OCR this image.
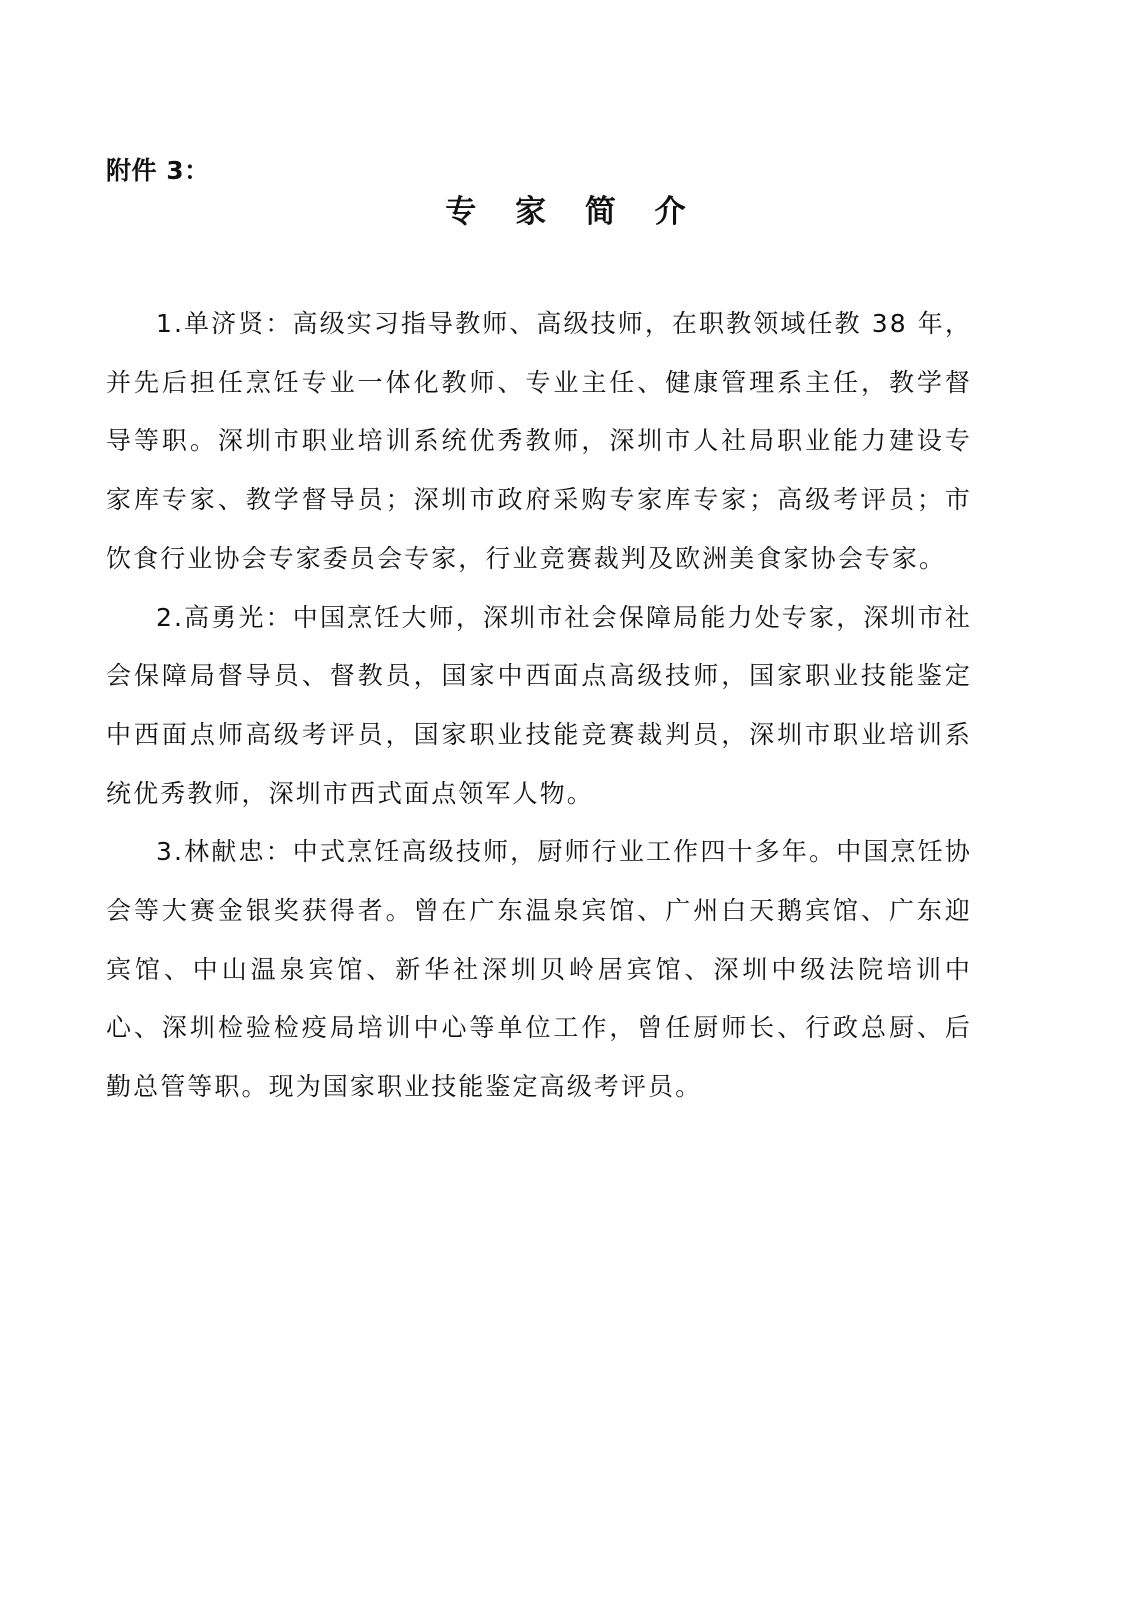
附件 3：
专 家 简 介

1.单济贤：高级实习指导教师、高级技师，在职教领域任教 38 年，并先后担任烹饪专业一体化教师、专业主任、健康管理系主任，教学督导等职。深圳市职业培训系统优秀教师，深圳市人社局职业能力建设专家库专家、教学督导员；深圳市政府采购专家库专家；高级考评员；市饮食行业协会专家委员会专家，行业竞赛裁判及欧洲美食家协会专家。

2.高勇光：中国烹饪大师，深圳市社会保障局能力处专家，深圳市社会保障局督导员、督教员，国家中西面点高级技师，国家职业技能鉴定中西面点师高级考评员，国家职业技能竞赛裁判员，深圳市职业培训系统优秀教师，深圳市西式面点领军人物。

3.林献忠：中式烹饪高级技师，厨师行业工作四十多年。中国烹饪协会等大赛金银奖获得者。曾在广东温泉宾馆、广州白天鹅宾馆、广东迎宾馆、中山温泉宾馆、新华社深圳贝岭居宾馆、深圳中级法院培训中心、深圳检验检疫局培训中心等单位工作，曾任厨师长、行政总厨、后勤总管等职。现为国家职业技能鉴定高级考评员。
